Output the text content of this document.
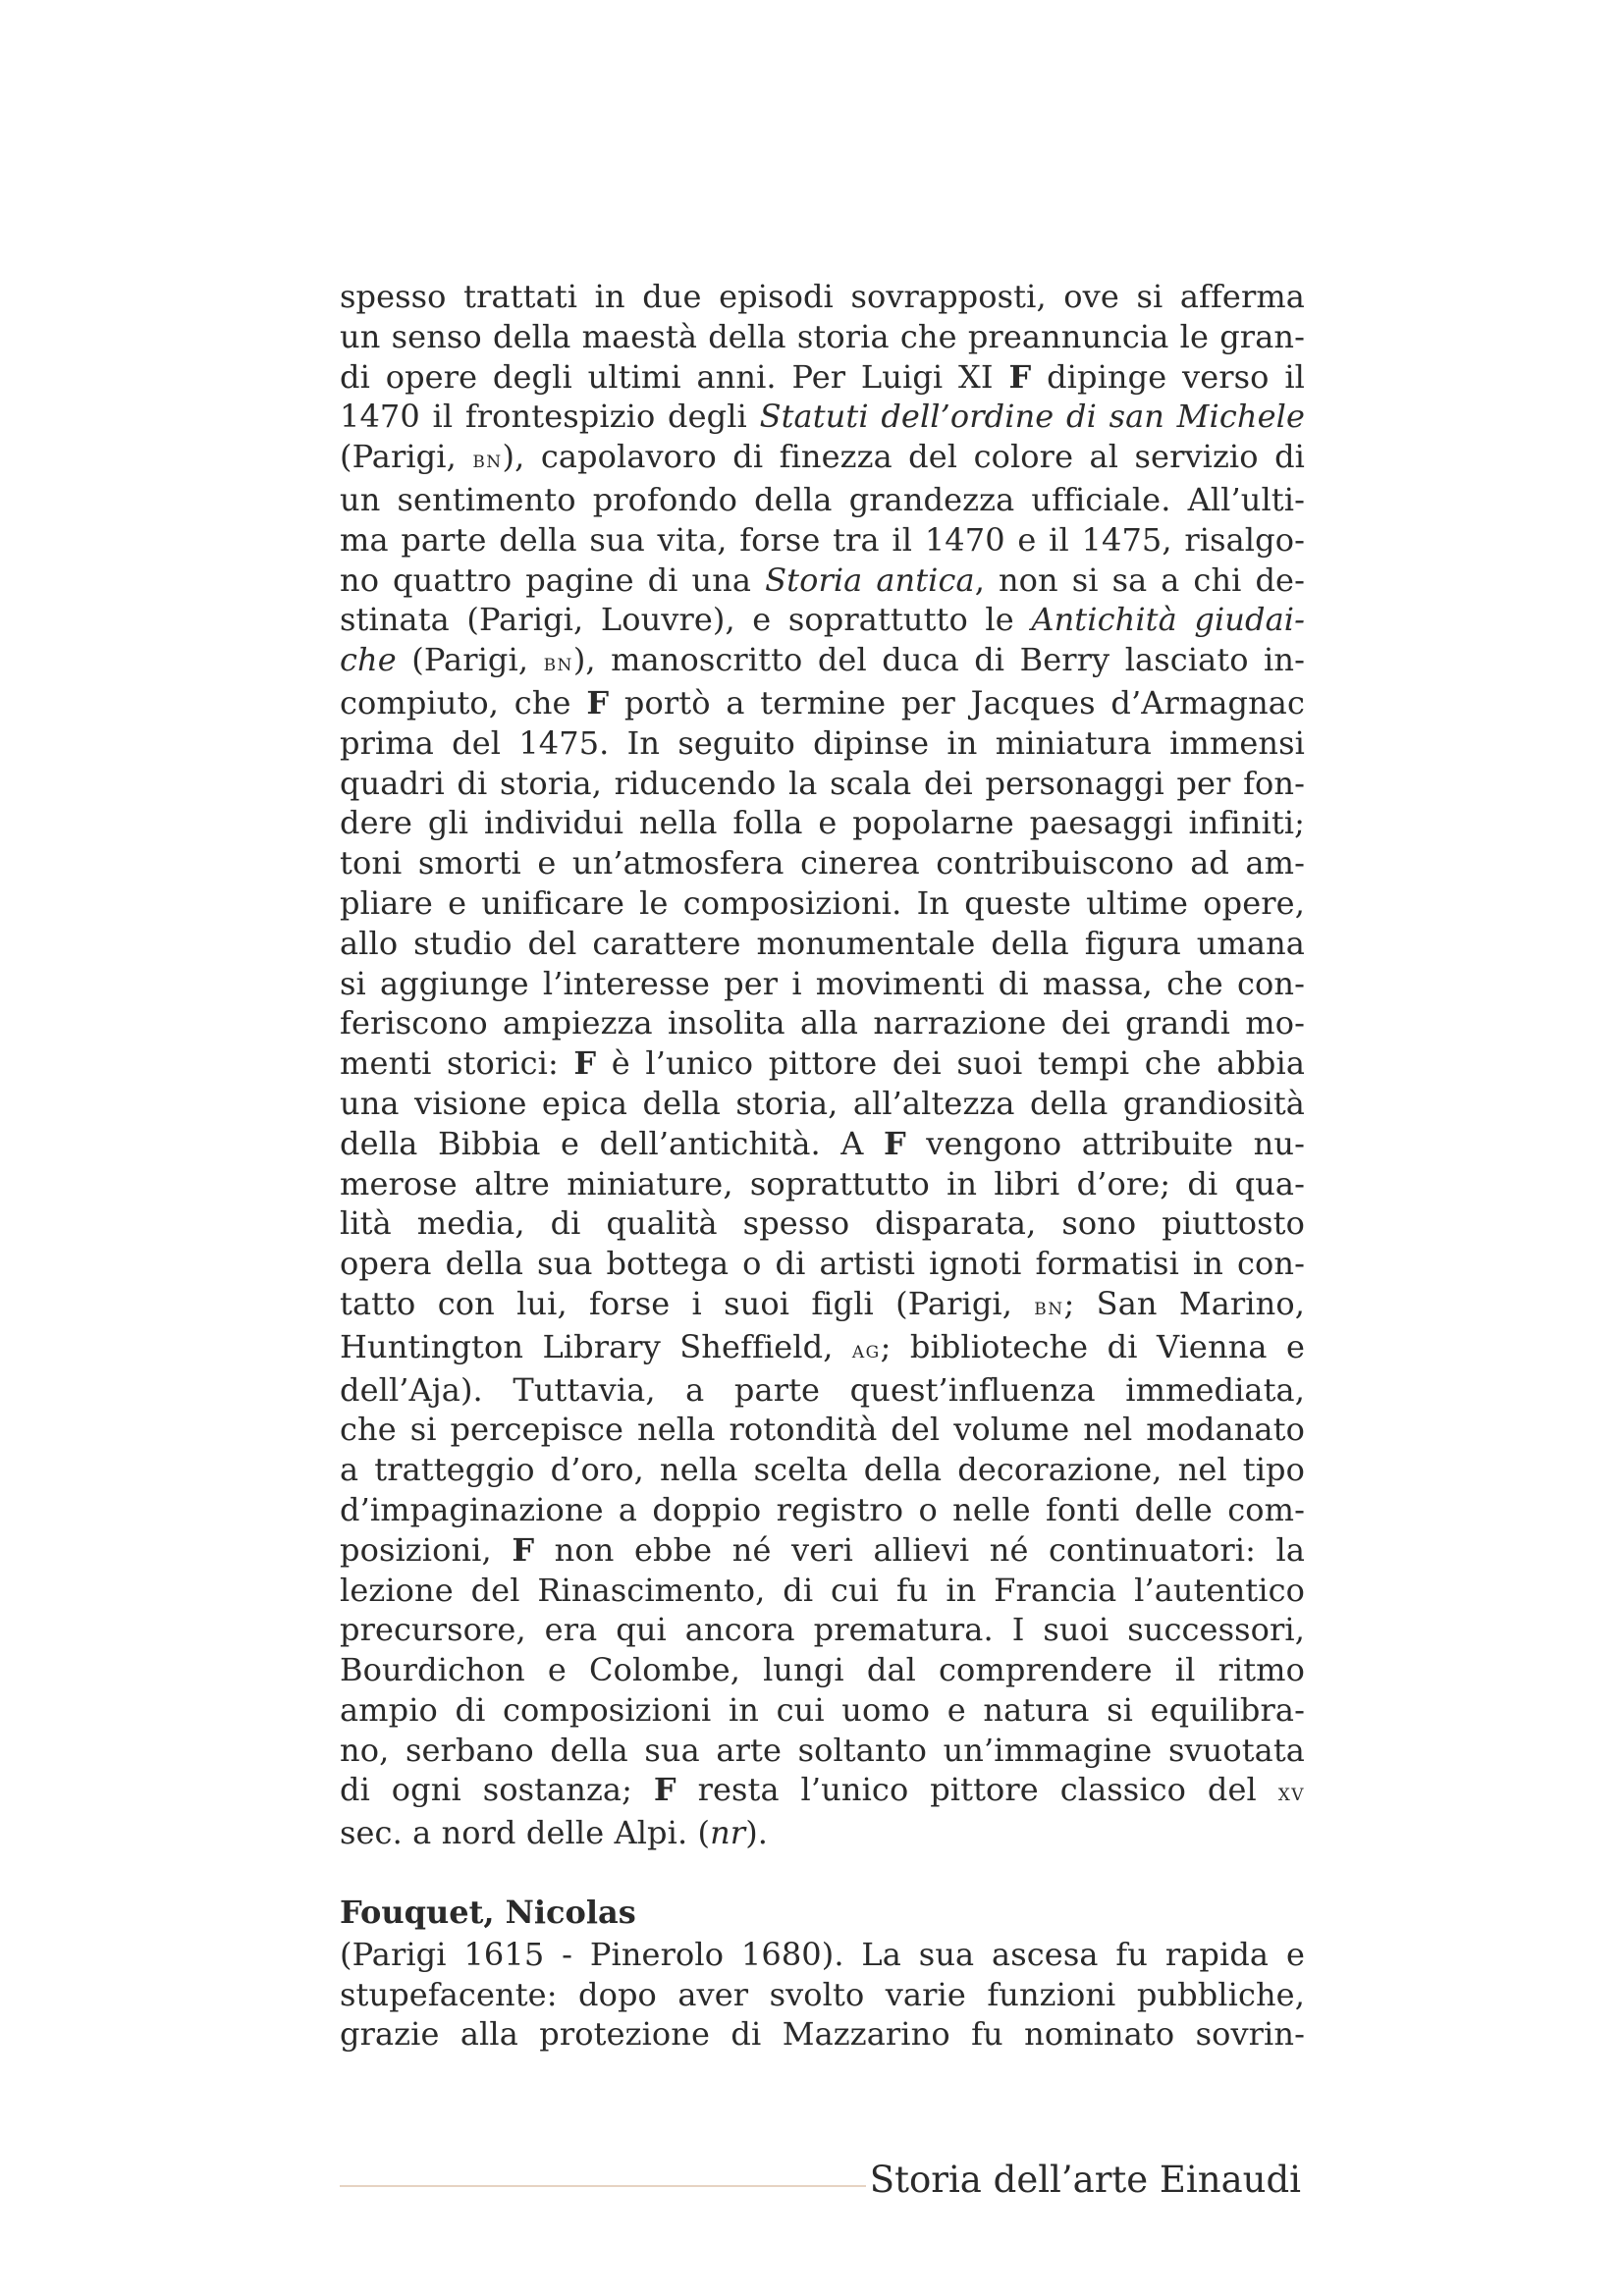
spesso trattati in due episodi sovrapposti, ove si afferma
un senso della maestà della storia che preannuncia le gran-
di opere degli ultimi anni. Per Luigi XI F dipinge verso il
1470 il frontespizio degli Statuti dell’ordine di san Michele
(Parigi, bn), capolavoro di finezza del colore al servizio di
un sentimento profondo della grandezza ufficiale. All’ulti-
ma parte della sua vita, forse tra il 1470 e il 1475, risalgo-
no quattro pagine di una Storia antica, non si sa a chi de-
stinata (Parigi, Louvre), e soprattutto le Antichità giudai-
che (Parigi, bn), manoscritto del duca di Berry lasciato in-
compiuto, che F portò a termine per Jacques d’Armagnac
prima del 1475. In seguito dipinse in miniatura immensi
quadri di storia, riducendo la scala dei personaggi per fon-
dere gli individui nella folla e popolarne paesaggi infiniti;
toni smorti e un’atmosfera cinerea contribuiscono ad am-
pliare e unificare le composizioni. In queste ultime opere,
allo studio del carattere monumentale della figura umana
si aggiunge l’interesse per i movimenti di massa, che con-
feriscono ampiezza insolita alla narrazione dei grandi mo-
menti storici: F è l’unico pittore dei suoi tempi che abbia
una visione epica della storia, all’altezza della grandiosità
della Bibbia e dell’antichità. A F vengono attribuite nu-
merose altre miniature, soprattutto in libri d’ore; di qua-
lità media, di qualità spesso disparata, sono piuttosto
opera della sua bottega o di artisti ignoti formatisi in con-
tatto con lui, forse i suoi figli (Parigi, bn; San Marino,
Huntington Library Sheffield, ag; biblioteche di Vienna e
dell’Aja). Tuttavia, a parte quest’influenza immediata,
che si percepisce nella rotondità del volume nel modanato
a tratteggio d’oro, nella scelta della decorazione, nel tipo
d’impaginazione a doppio registro o nelle fonti delle com-
posizioni, F non ebbe né veri allievi né continuatori: la
lezione del Rinascimento, di cui fu in Francia l’autentico
precursore, era qui ancora prematura. I suoi successori,
Bourdichon e Colombe, lungi dal comprendere il ritmo
ampio di composizioni in cui uomo e natura si equilibra-
no, serbano della sua arte soltanto un’immagine svuotata
di ogni sostanza; F resta l’unico pittore classico del xv
sec. a nord delle Alpi. (nr).

Fouquet, Nicolas

(Parigi 1615 - Pinerolo 1680). La sua ascesa fu rapida e
stupefacente: dopo aver svolto varie funzioni pubbliche,
grazie alla protezione di Mazzarino fu nominato sovrin-

Storia dell’arte Einaudi
